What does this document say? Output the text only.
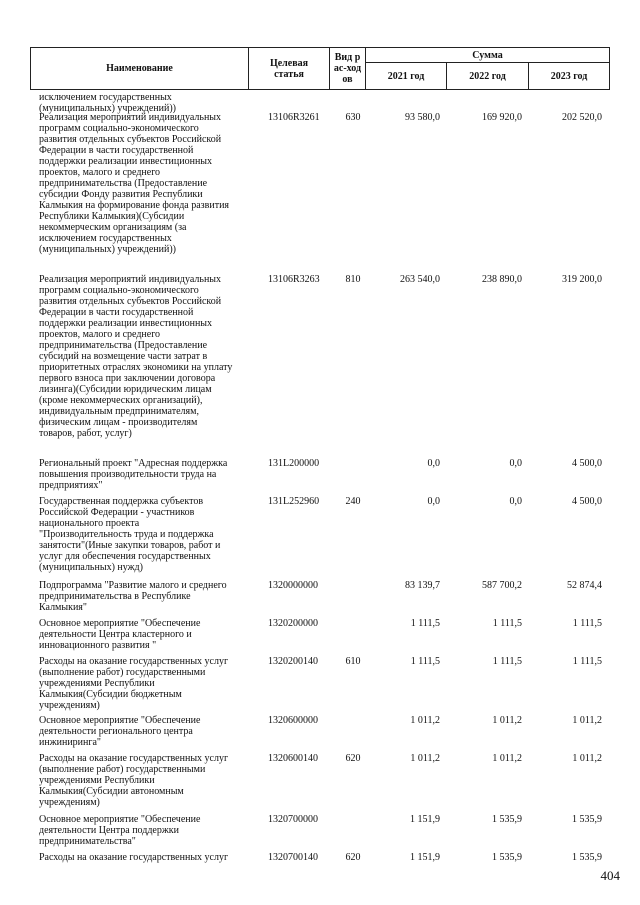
Наименование	Целевая статья
Вид рас-ходов
Сумма
2021 год	2022 год	2023 год
исключением государственных
(муниципальных) учреждений))
Реализация мероприятий индивидуальных
программ социально-экономического
развития отдельных субъектов Российской
Федерации в части государственной
поддержки реализации инвестиционных
проектов, малого и среднего
предпринимательства (Предоставление
субсидии Фонду развития Республики
Калмыкия на формирование фонда развития
Республики Калмыкия)(Субсидии
некоммерческим организациям (за
исключением государственных
(муниципальных) учреждений))
13106R3261	630	93 580,0	169 920,0	202 520,0
Реализация мероприятий индивидуальных
программ социально-экономического
развития отдельных субъектов Российской
Федерации в части государственной
поддержки реализации инвестиционных
проектов, малого и среднего
предпринимательства (Предоставление
субсидий на возмещение части затрат в
приоритетных отраслях экономики на уплату
первого взноса при заключении договора
лизинга)(Субсидии юридическим лицам
(кроме некоммерческих организаций),
индивидуальным предпринимателям,
физическим лицам - производителям
товаров, работ, услуг)
13106R3263	810	263 540,0	238 890,0	319 200,0
Региональный проект "Адресная поддержка
повышения производительности труда на
предприятиях"
131L200000	0,0	0,0	4 500,0
Государственная поддержка субъектов
Российской Федерации - участников
национального проекта
"Производительность труда и поддержка
занятости"(Иные закупки товаров, работ и
услуг для обеспечения государственных
(муниципальных) нужд)
131L252960	240	0,0	0,0	4 500,0
Подпрограмма "Развитие малого и среднего
предпринимательства в Республике
Калмыкия"
1320000000	83 139,7	587 700,2	52 874,4
Основное мероприятие "Обеспечение
деятельности Центра кластерного и
инновационного развития "
1320200000	1 111,5	1 111,5	1 111,5
Расходы на оказание государственных услуг
(выполнение работ) государственными
учреждениями Республики
Калмыкия(Субсидии бюджетным
учреждениям)
1320200140	610	1 111,5	1 111,5	1 111,5
Основное мероприятие "Обеспечение
деятельности регионального центра
инжиниринга"
1320600000	1 011,2	1 011,2	1 011,2
Расходы на оказание государственных услуг
(выполнение работ) государственными
учреждениями Республики
Калмыкия(Субсидии автономным
учреждениям)
1320600140	620	1 011,2	1 011,2	1 011,2
Основное мероприятие "Обеспечение
деятельности Центра поддержки
предпринимательства"
1320700000	1 151,9	1 535,9	1 535,9
Расходы на оказание государственных услуг	1320700140	620	1 151,9	1 535,9	1 535,9
404
